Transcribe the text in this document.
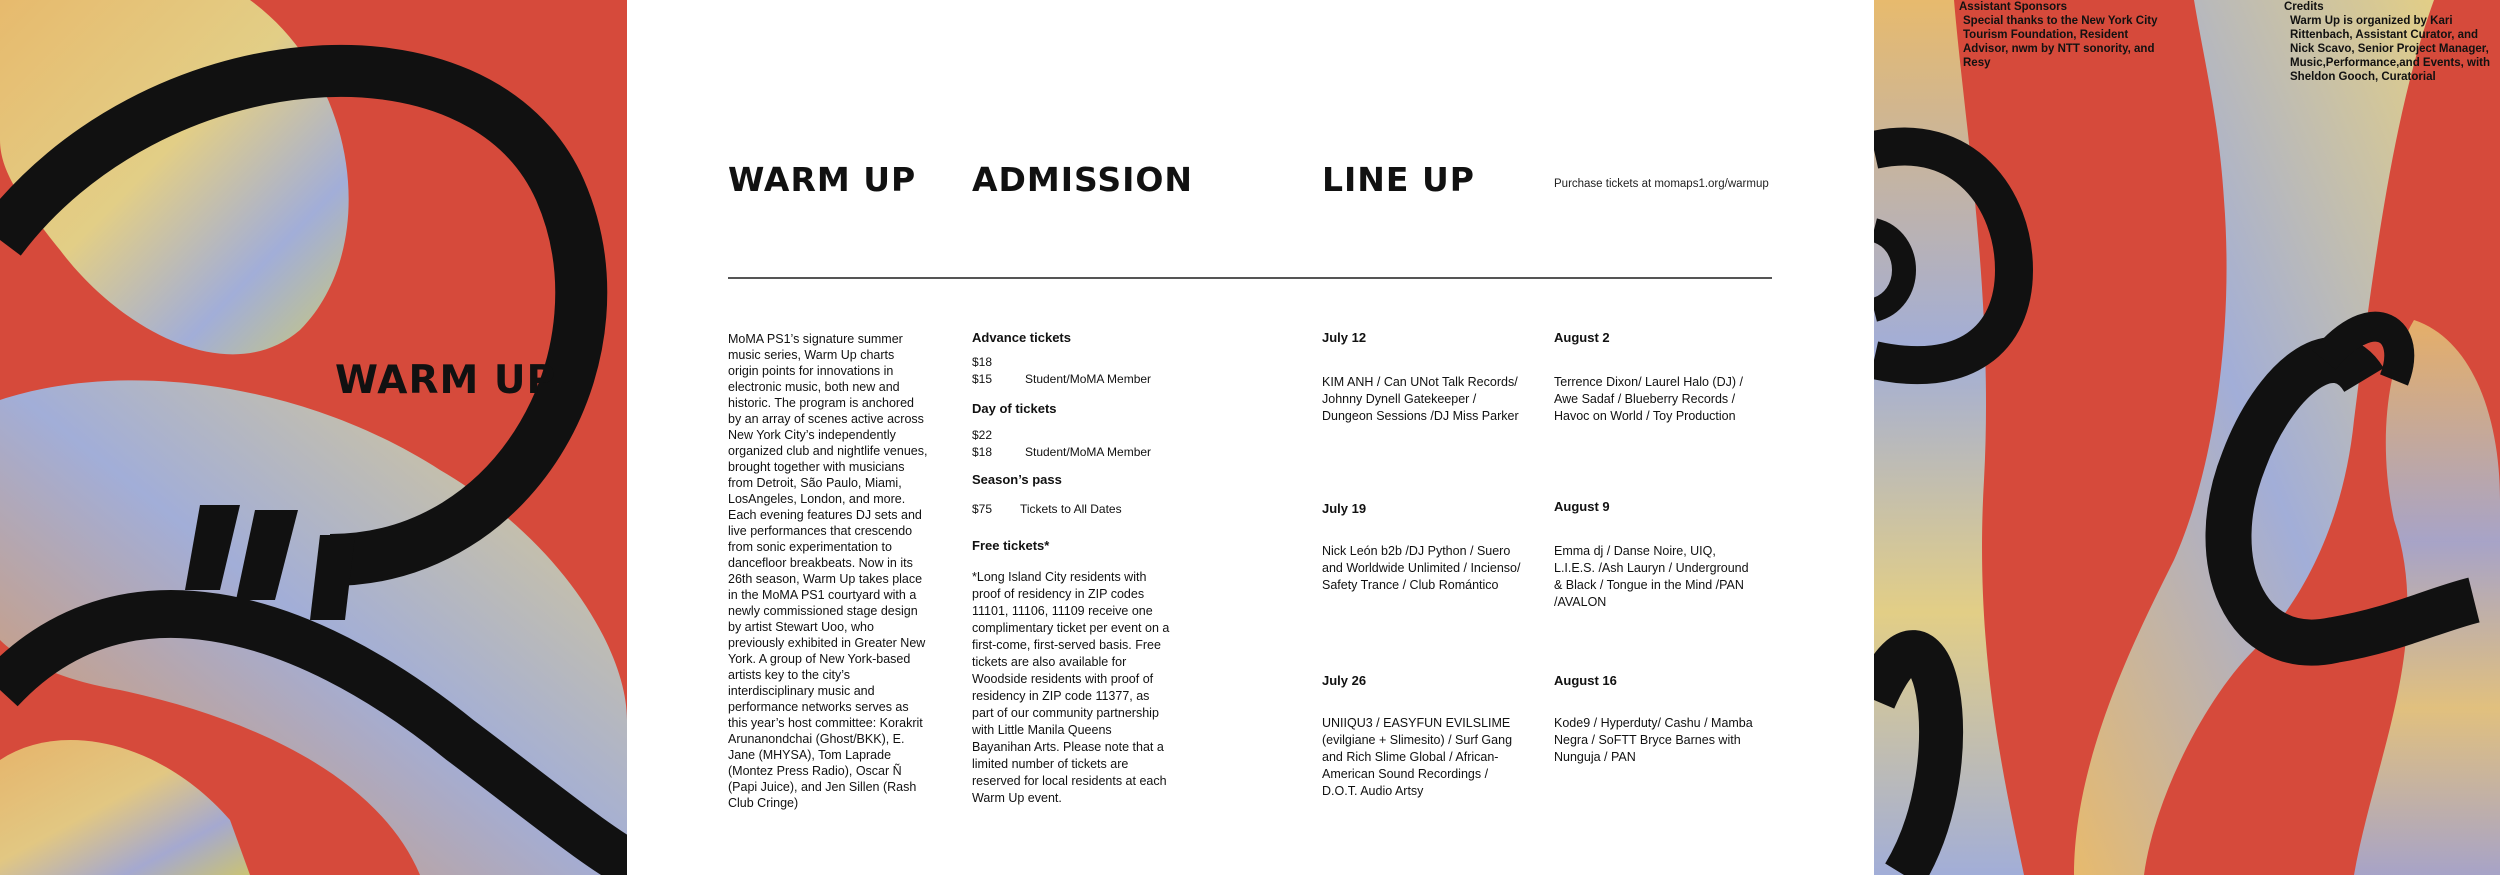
WARM UP
WARM UP ADMISSION	LINE UP	Purchase tickets at momaps1.org/warmup
MoMA PS1’s signature summer music series, Warm Up charts origin points for innovations in electronic music, both new and historic. The program is anchored by an array of scenes active across New York City’s independently organized club and nightlife venues, brought together with musicians from Detroit, São Paulo, Miami, LosAngeles, London, and more. Each evening features DJ sets and live performances that crescendo from sonic experimentation to dancefloor breakbeats. Now in its 26th season, Warm Up takes place in the MoMA PS1 courtyard with a newly commissioned stage design by artist Stewart Uoo, who previously exhibited in Greater New York. A group of New York-based artists key to the city’s interdisciplinary music and performance networks serves as this year’s host committee: Korakrit Arunanondchai (Ghost/BKK), E. Jane (MHYSA), Tom Laprade (Montez Press Radio), Oscar Ñ (Papi Juice), and Jen Sillen (Rash Club Cringe)
Advance tickets
$18
$15	Student/MoMA Member
Day of tickets
$22
$18	Student/MoMA Member
Season’s pass
$75 Tickets to All Dates
Free tickets*
*Long Island City residents with proof of residency in ZIP codes 11101, 11106, 11109 receive one complimentary ticket per event on a first-come, first-served basis. Free tickets are also available for Woodside residents with proof of residency in ZIP code 11377, as part of our community partnership with Little Manila Queens Bayanihan Arts. Please note that a limited number of tickets are reserved for local residents at each Warm Up event.
July 12
KIM ANH / Can UNot Talk Records/ Johnny Dynell Gatekeeper / Dungeon Sessions /DJ Miss Parker
August 2
Terrence Dixon/ Laurel Halo (DJ) / Awe Sadaf / Blueberry Records / Havoc on World / Toy Production
July 19
Nick León b2b /DJ Python / Suero and Worldwide Unlimited / Incienso/ Safety Trance / Club Romántico
August 9
Emma dj / Danse Noire, UIQ, L.I.E.S. /Ash Lauryn / Underground & Black / Tongue in the Mind /PAN /AVALON
July 26
UNIIQU3 / EASYFUN EVILSLIME (evilgiane + Slimesito) / Surf Gang and Rich Slime Global / African-American Sound Recordings / D.O.T. Audio Artsy
August 16
Kode9 / Hyperduty/ Cashu / Mamba Negra / SoFTT Bryce Barnes with Nunguja / PAN
Assistant Sponsors
Special thanks to the New York City Tourism Foundation, Resident Advisor, nwm by NTT sonority, and Resy
Credits
Warm Up is organized by Kari Rittenbach, Assistant Curator, and Nick Scavo, Senior Project Manager, Music,Performance,and Events, with Sheldon Gooch, Curatorial
